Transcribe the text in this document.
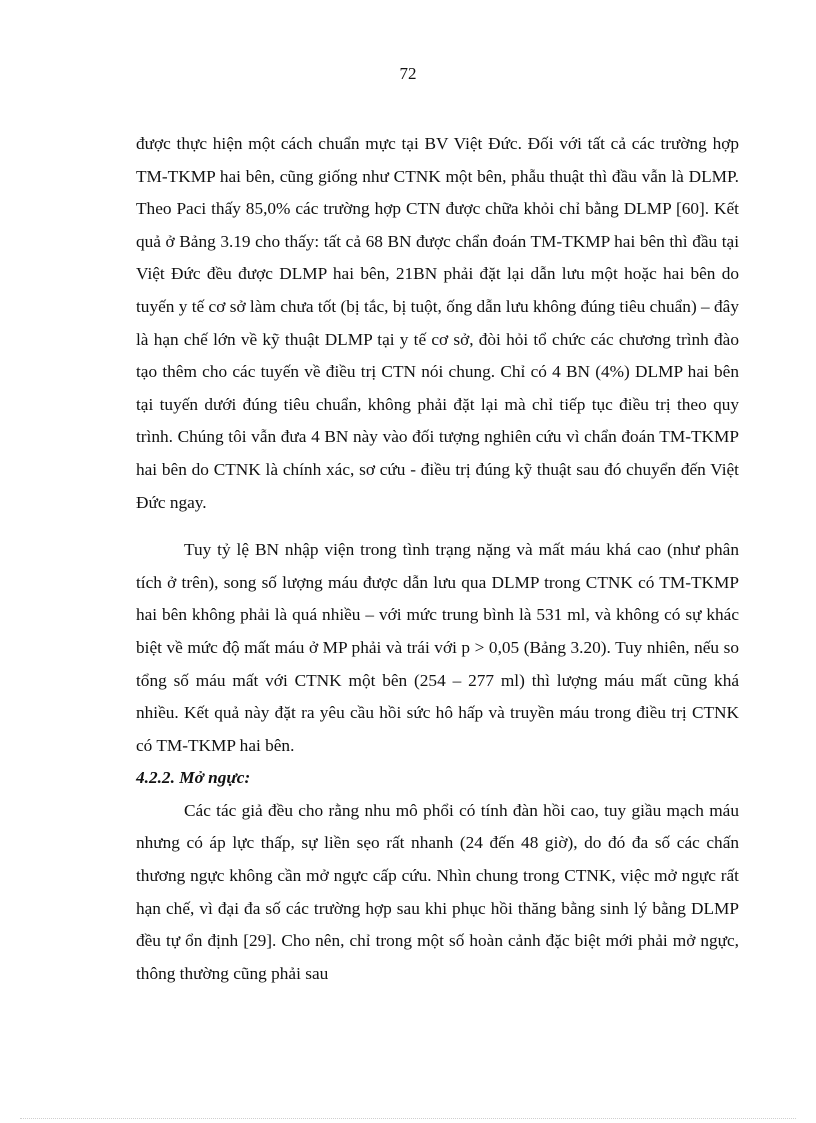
72

được thực hiện một cách chuẩn mực tại BV Việt Đức. Đối với tất cả các trường hợp TM-TKMP hai bên, cũng giống như CTNK một bên, phẫu thuật thì đầu vẫn là DLMP. Theo Paci thấy 85,0% các trường hợp CTN được chữa khỏi chỉ bằng DLMP [60]. Kết quả ở Bảng 3.19 cho thấy: tất cả 68 BN được chẩn đoán TM-TKMP hai bên thì đầu tại Việt Đức đều được DLMP hai bên, 21BN phải đặt lại dẫn lưu một hoặc hai bên do tuyến y tế cơ sở làm chưa tốt (bị tắc, bị tuột, ống dẫn lưu không đúng tiêu chuẩn) – đây là hạn chế lớn về kỹ thuật DLMP tại y tế cơ sở, đòi hỏi tổ chức các chương trình đào tạo thêm cho các tuyến về điều trị CTN nói chung. Chỉ có 4 BN (4%) DLMP hai bên tại tuyến dưới đúng tiêu chuẩn, không phải đặt lại mà chỉ tiếp tục điều trị theo quy trình. Chúng tôi vẫn đưa 4 BN này vào đối tượng nghiên cứu vì chẩn đoán TM-TKMP hai bên do CTNK là chính xác, sơ cứu - điều trị đúng kỹ thuật sau đó chuyển đến Việt Đức ngay.

Tuy tỷ lệ BN nhập viện trong tình trạng nặng và mất máu khá cao (như phân tích ở trên), song số lượng máu được dẫn lưu qua DLMP trong CTNK có TM-TKMP hai bên không phải là quá nhiều – với mức trung bình là 531 ml, và không có sự khác biệt về mức độ mất máu ở MP phải và trái với p > 0,05 (Bảng 3.20). Tuy nhiên, nếu so tổng số máu mất với CTNK một bên (254 – 277 ml) thì lượng máu mất cũng khá nhiều. Kết quả này đặt ra yêu cầu hồi sức hô hấp và truyền máu trong điều trị CTNK có TM-TKMP hai bên.

4.2.2. Mở ngực:

Các tác giả đều cho rằng nhu mô phổi có tính đàn hồi cao, tuy giầu mạch máu nhưng có áp lực thấp, sự liền sẹo rất nhanh (24 đến 48 giờ), do đó đa số các chấn thương ngực không cần mở ngực cấp cứu. Nhìn chung trong CTNK, việc mở ngực rất hạn chế, vì đại đa số các trường hợp sau khi phục hồi thăng bằng sinh lý bằng DLMP đều tự ổn định [29]. Cho nên, chỉ trong một số hoàn cảnh đặc biệt mới phải mở ngực, thông thường cũng phải sau
